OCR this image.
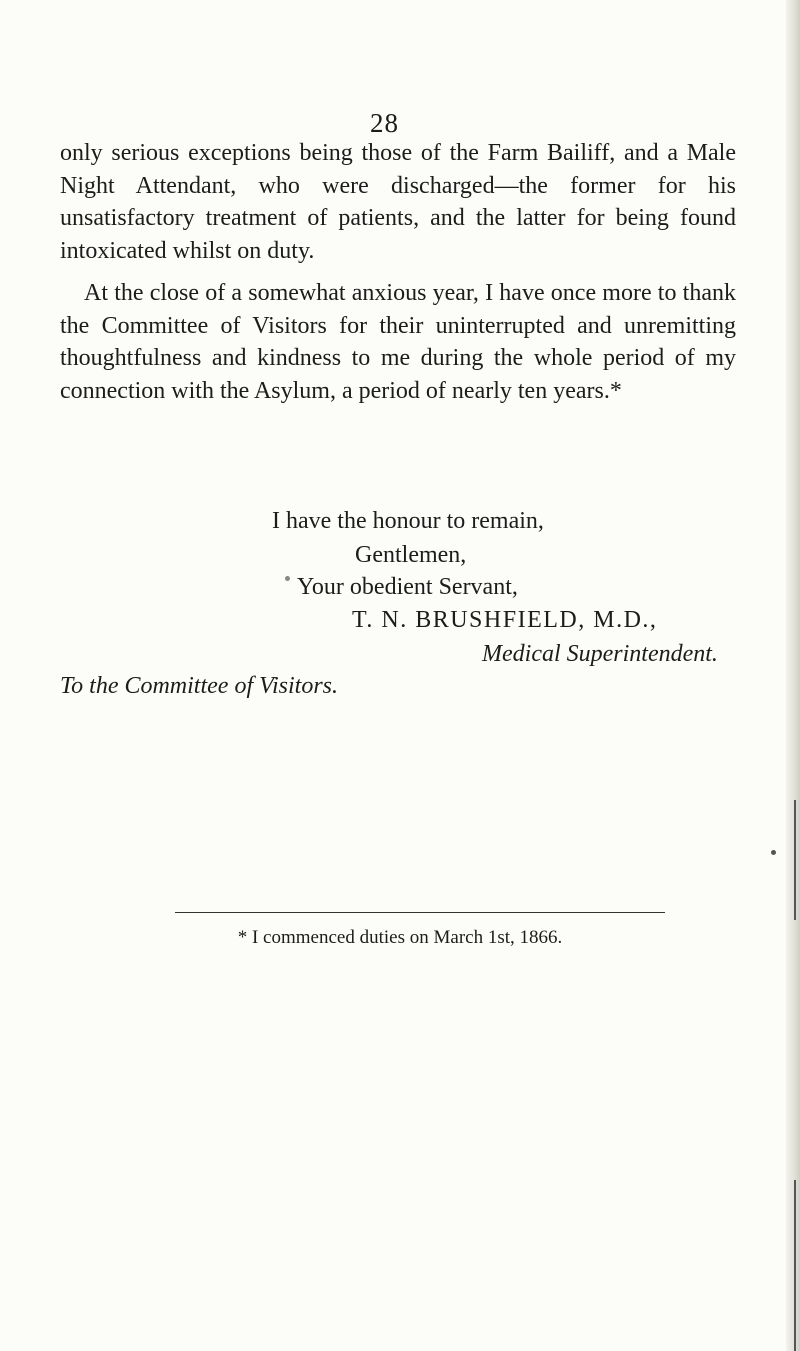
28

only serious exceptions being those of the Farm Bailiff, and a Male Night Attendant, who were discharged—the former for his unsatisfactory treatment of patients, and the latter for being found intoxicated whilst on duty.

At the close of a somewhat anxious year, I have once more to thank the Committee of Visitors for their uninterrupted and unremitting thoughtfulness and kindness to me during the whole period of my connection with the Asylum, a period of nearly ten years.*

I have the honour to remain,
Gentlemen,
Your obedient Servant,
T. N. BRUSHFIELD, M.D.,
Medical Superintendent.
To the Committee of Visitors.
* I commenced duties on March 1st, 1866.
